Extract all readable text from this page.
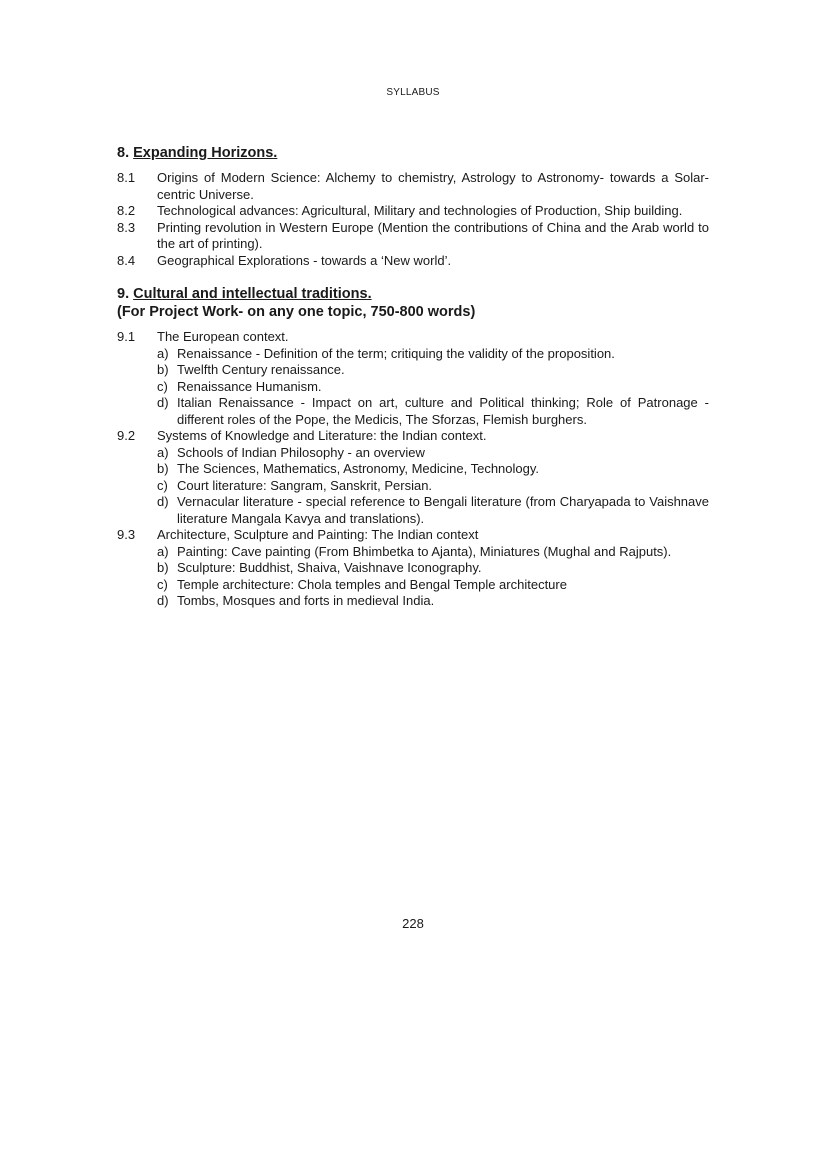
SYLLABUS

8. Expanding Horizons.

8.1	Origins of Modern Science: Alchemy to chemistry, Astrology to Astronomy- towards a Solar- centric Universe.
8.2	Technological advances: Agricultural, Military and technologies of Production, Ship building.
8.3	Printing revolution in Western Europe (Mention the contributions of China and the Arab world to the art of printing).
8.4	Geographical Explorations - towards a ‘New world’.

9. Cultural and intellectual traditions.

(For Project Work- on any one topic, 750-800 words)

9.1	The European context.
a) Renaissance - Definition of the term; critiquing the validity of the proposition.
b) Twelfth Century renaissance.
c) Renaissance Humanism.
d) Italian Renaissance - Impact on art, culture and Political thinking; Role of Patronage - different roles of the Pope, the Medicis, The Sforzas, Flemish burghers.
9.2	Systems of Knowledge and Literature: the Indian context.
a) Schools of Indian Philosophy - an overview
b) The Sciences, Mathematics, Astronomy, Medicine, Technology.
c) Court literature: Sangram, Sanskrit, Persian.
d) Vernacular literature - special reference to Bengali literature (from Charyapada to Vaishnave literature Mangala Kavya and translations).
9.3	Architecture, Sculpture and Painting: The Indian context
a) Painting: Cave painting (From Bhimbetka to Ajanta), Miniatures (Mughal and Rajputs).
b) Sculpture: Buddhist, Shaiva, Vaishnave Iconography.
c) Temple architecture: Chola temples and Bengal Temple architecture
d) Tombs, Mosques and forts in medieval India.
228
